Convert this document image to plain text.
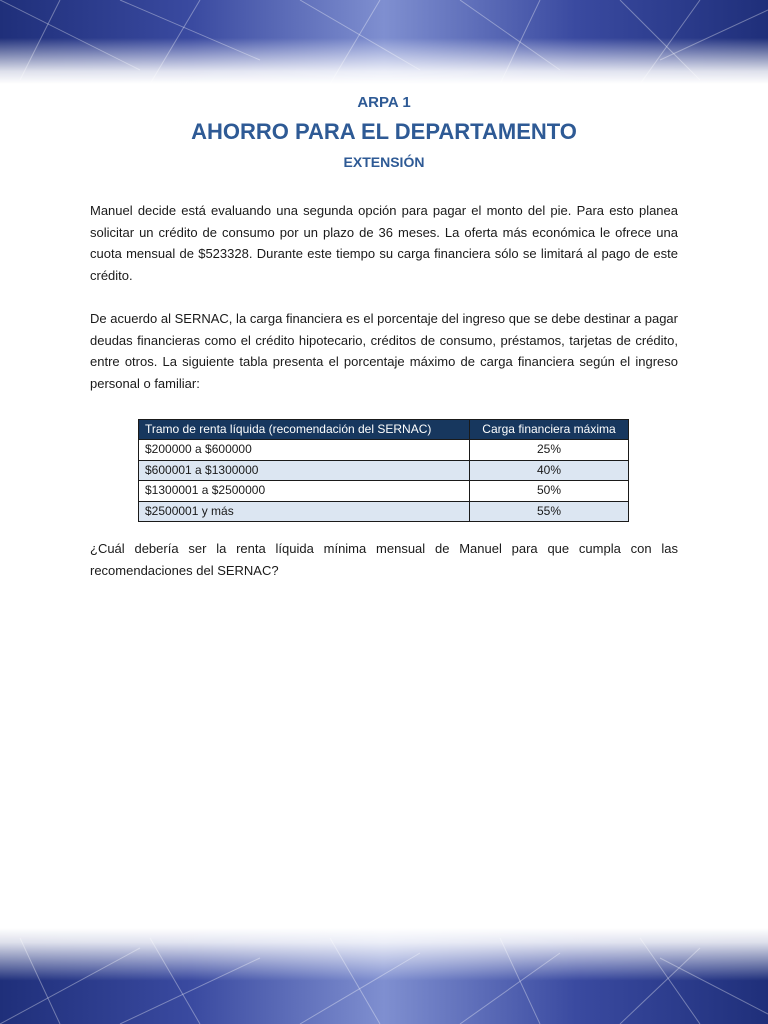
ARPA 1
AHORRO PARA EL DEPARTAMENTO
EXTENSIÓN

Manuel decide está evaluando una segunda opción para pagar el monto del pie. Para esto planea solicitar un crédito de consumo por un plazo de 36 meses. La oferta más económica le ofrece una cuota mensual de $523328. Durante este tiempo su carga financiera sólo se limitará al pago de este crédito.

De acuerdo al SERNAC, la carga financiera es el porcentaje del ingreso que se debe destinar a pagar deudas financieras como el crédito hipotecario, créditos de consumo, préstamos, tarjetas de crédito, entre otros. La siguiente tabla presenta el porcentaje máximo de carga financiera según el ingreso personal o familiar:

Tramo de renta líquida (recomendación del SERNAC)	Carga financiera máxima
$200000 a $600000	25%
$600001 a $1300000	40%
$1300001 a $2500000	50%
$2500001 y más	55%

¿Cuál debería ser la renta líquida mínima mensual de Manuel para que cumpla con las recomendaciones del SERNAC?
